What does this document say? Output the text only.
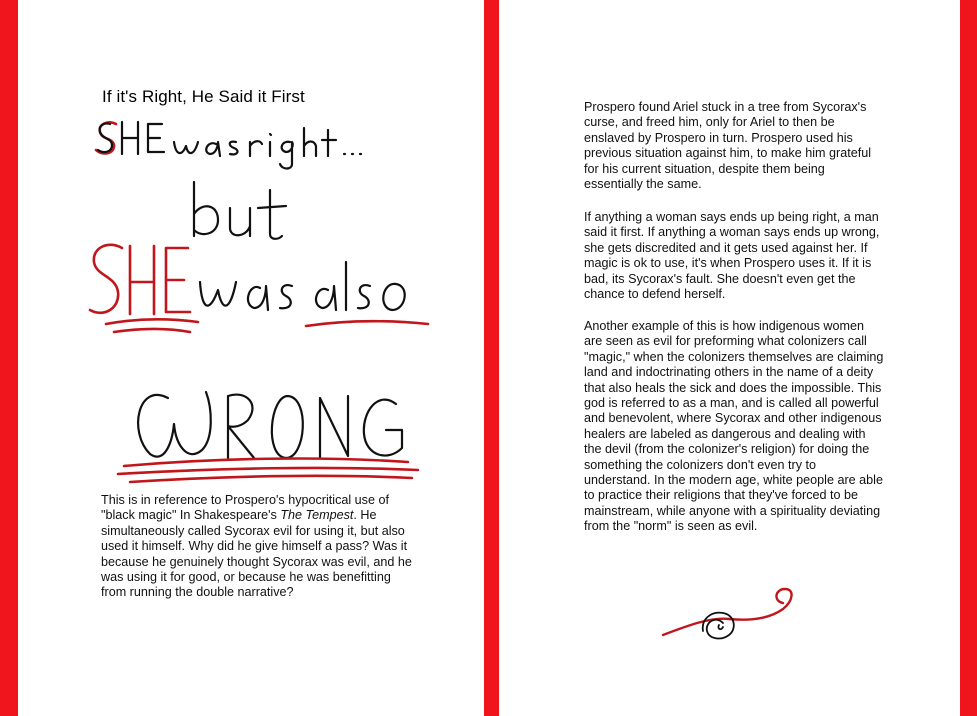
If it's Right, He Said it First

This is in reference to Prospero's hypocritical use of "black magic" In Shakespeare's The Tempest. He simultaneously called Sycorax evil for using it, but also used it himself. Why did he give himself a pass? Was it because he genuinely thought Sycorax was evil, and he was using it for good, or because he was benefitting from running the double narrative?

Prospero found Ariel stuck in a tree from Sycorax's curse, and freed him, only for Ariel to then be enslaved by Prospero in turn. Prospero used his previous situation against him, to make him grateful for his current situation, despite them being essentially the same.

If anything a woman says ends up being right, a man said it first. If anything a woman says ends up wrong, she gets discredited and it gets used against her. If magic is ok to use, it's when Prospero uses it. If it is bad, its Sycorax's fault. She doesn't even get the chance to defend herself.

Another example of this is how indigenous women are seen as evil for preforming what colonizers call "magic," when the colonizers themselves are claiming land and indoctrinating others in the name of a deity that also heals the sick and does the impossible. This god is referred to as a man, and is called all powerful and benevolent, where Sycorax and other indigenous healers are labeled as dangerous and dealing with the devil (from the colonizer's religion) for doing the something the colonizers don't even try to understand. In the modern age, white people are able to practice their religions that they've forced to be mainstream, while anyone with a spirituality deviating from the "norm" is seen as evil.
